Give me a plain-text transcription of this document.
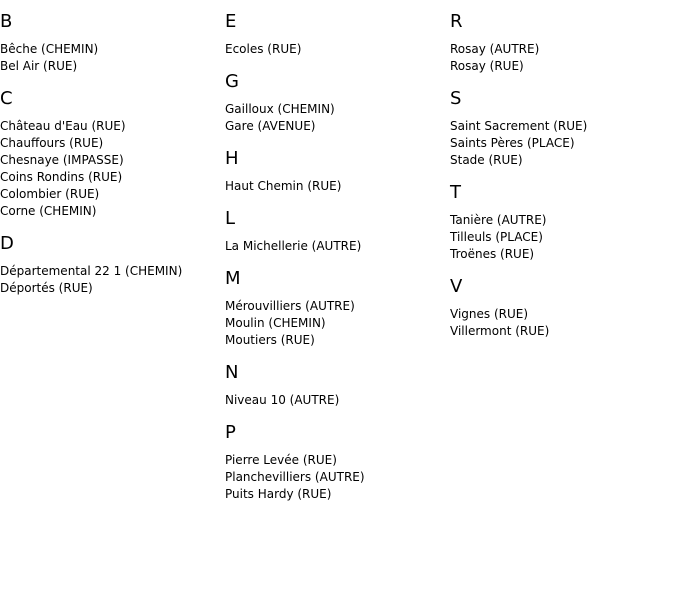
B
Bêche (CHEMIN)
Bel Air (RUE)
C
Château d'Eau (RUE)
Chauffours (RUE)
Chesnaye (IMPASSE)
Coins Rondins (RUE)
Colombier (RUE)
Corne (CHEMIN)
D
Départemental 22 1 (CHEMIN)
Déportés (RUE)
E
Ecoles (RUE)
G
Gailloux (CHEMIN)
Gare (AVENUE)
H
Haut Chemin (RUE)
L
La Michellerie (AUTRE)
M
Mérouvilliers (AUTRE)
Moulin (CHEMIN)
Moutiers (RUE)
N
Niveau 10 (AUTRE)
P
Pierre Levée (RUE)
Planchevilliers (AUTRE)
Puits Hardy (RUE)
R
Rosay (AUTRE)
Rosay (RUE)
S
Saint Sacrement (RUE)
Saints Pères (PLACE)
Stade (RUE)
T
Tanière (AUTRE)
Tilleuls (PLACE)
Troënes (RUE)
V
Vignes (RUE)
Villermont (RUE)
